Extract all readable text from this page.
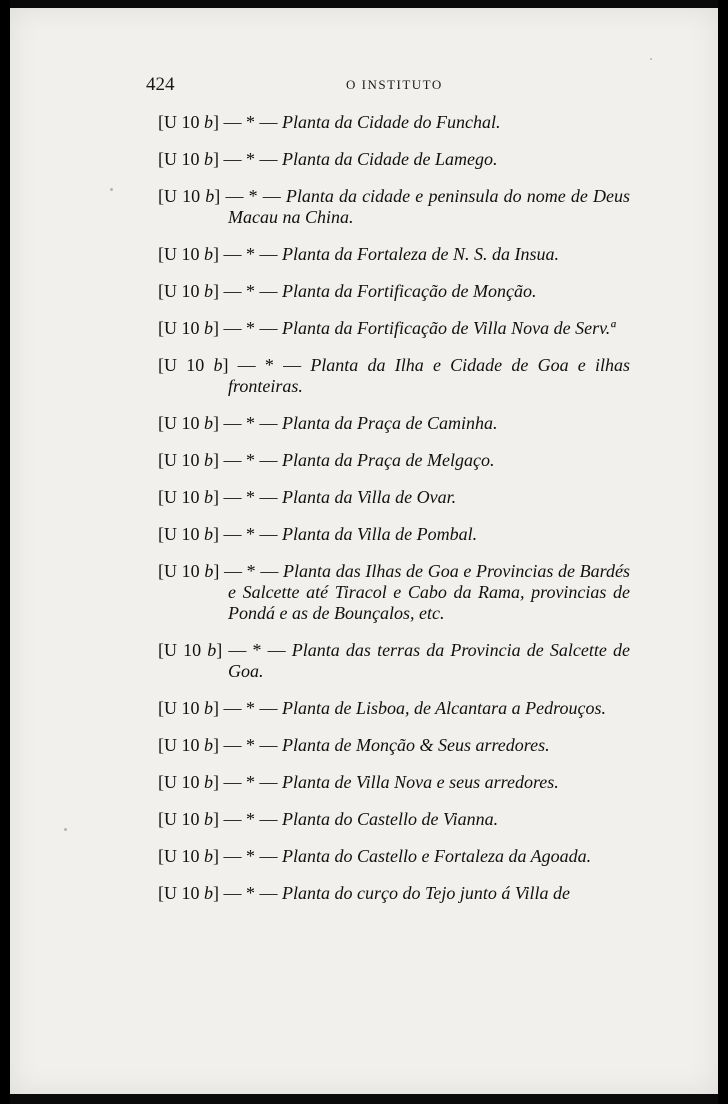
424	O INSTITUTO
[U 10 b] — * — Planta da Cidade do Funchal.
[U 10 b] — * — Planta da Cidade de Lamego.
[U 10 b] — * — Planta da cidade e peninsula do nome de Deus Macau na China.
[U 10 b] — * — Planta da Fortaleza de N. S. da Insua.
[U 10 b] — * — Planta da Fortificação de Monção.
[U 10 b] — * — Planta da Fortificação de Villa Nova de Serv.ª
[U 10 b] — * — Planta da Ilha e Cidade de Goa e ilhas fronteiras.
[U 10 b] — * — Planta da Praça de Caminha.
[U 10 b] — * — Planta da Praça de Melgaço.
[U 10 b] — * — Planta da Villa de Ovar.
[U 10 b] — * — Planta da Villa de Pombal.
[U 10 b] — * — Planta das Ilhas de Goa e Provincias de Bardés e Salcette até Tiracol e Cabo da Rama, provincias de Pondá e as de Bounçalos, etc.
[U 10 b] — * — Planta das terras da Provincia de Salcette de Goa.
[U 10 b] — * — Planta de Lisboa, de Alcantara a Pedrouços.
[U 10 b] — * — Planta de Monção & Seus arredores.
[U 10 b] — * — Planta de Villa Nova e seus arredores.
[U 10 b] — * — Planta do Castello de Vianna.
[U 10 b] — * — Planta do Castello e Fortaleza da Agoada.
[U 10 b] — * — Planta do curço do Tejo junto á Villa de
